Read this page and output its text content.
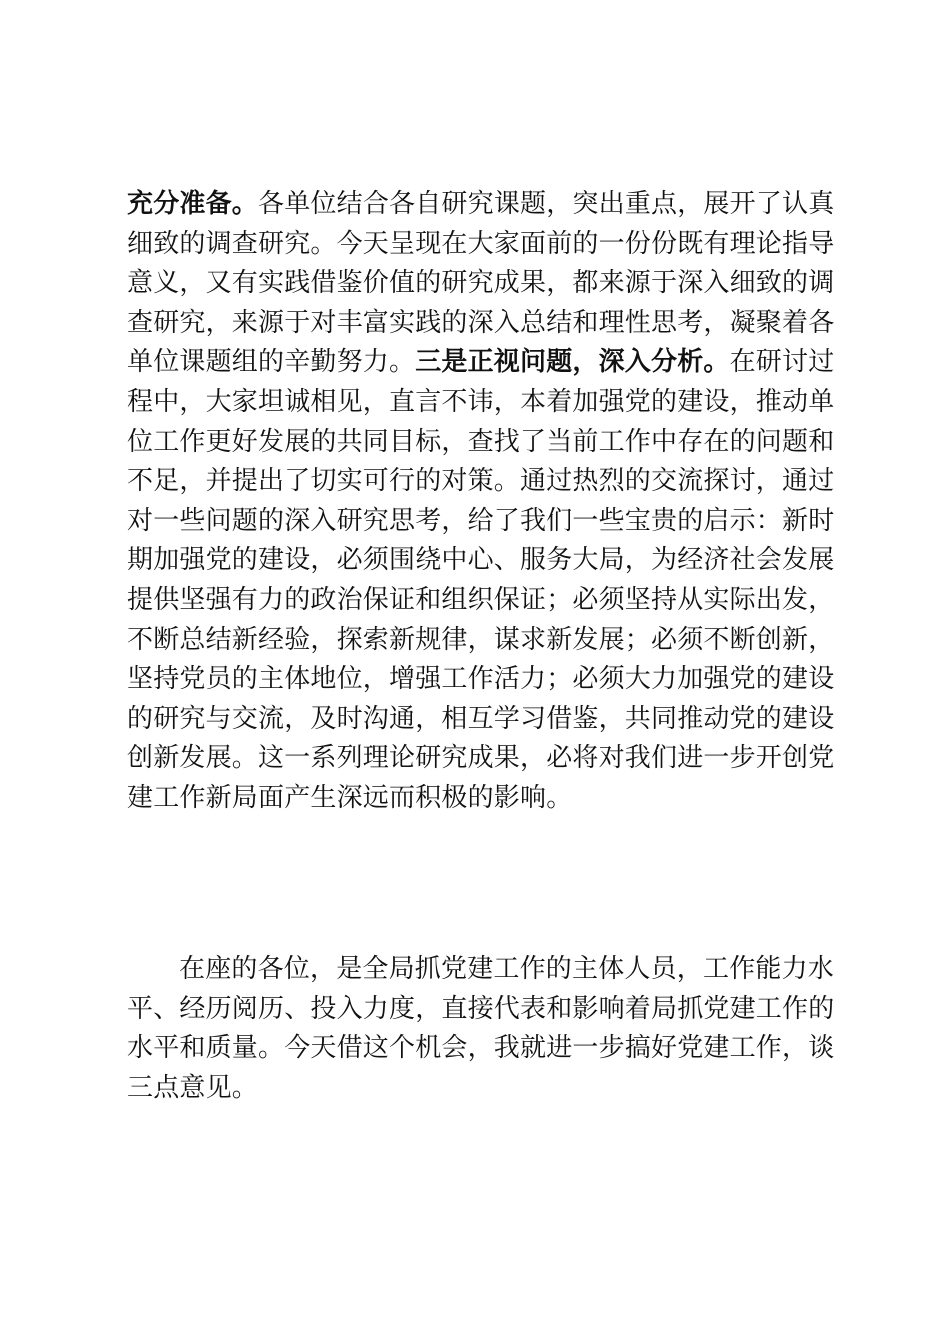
充分准备。各单位结合各自研究课题，突出重点，展开了认真
细致的调查研究。今天呈现在大家面前的一份份既有理论指导
意义，又有实践借鉴价值的研究成果，都来源于深入细致的调
查研究，来源于对丰富实践的深入总结和理性思考，凝聚着各
单位课题组的辛勤努力。三是正视问题，深入分析。在研讨过
程中，大家坦诚相见，直言不讳，本着加强党的建设，推动单
位工作更好发展的共同目标，查找了当前工作中存在的问题和
不足，并提出了切实可行的对策。通过热烈的交流探讨，通过
对一些问题的深入研究思考，给了我们一些宝贵的启示：新时
期加强党的建设，必须围绕中心、服务大局，为经济社会发展
提供坚强有力的政治保证和组织保证；必须坚持从实际出发，
不断总结新经验，探索新规律，谋求新发展；必须不断创新，
坚持党员的主体地位，增强工作活力；必须大力加强党的建设
的研究与交流，及时沟通，相互学习借鉴，共同推动党的建设
创新发展。这一系列理论研究成果，必将对我们进一步开创党
建工作新局面产生深远而积极的影响。
在座的各位，是全局抓党建工作的主体人员，工作能力水
平、经历阅历、投入力度，直接代表和影响着局抓党建工作的
水平和质量。今天借这个机会，我就进一步搞好党建工作，谈
三点意见。
